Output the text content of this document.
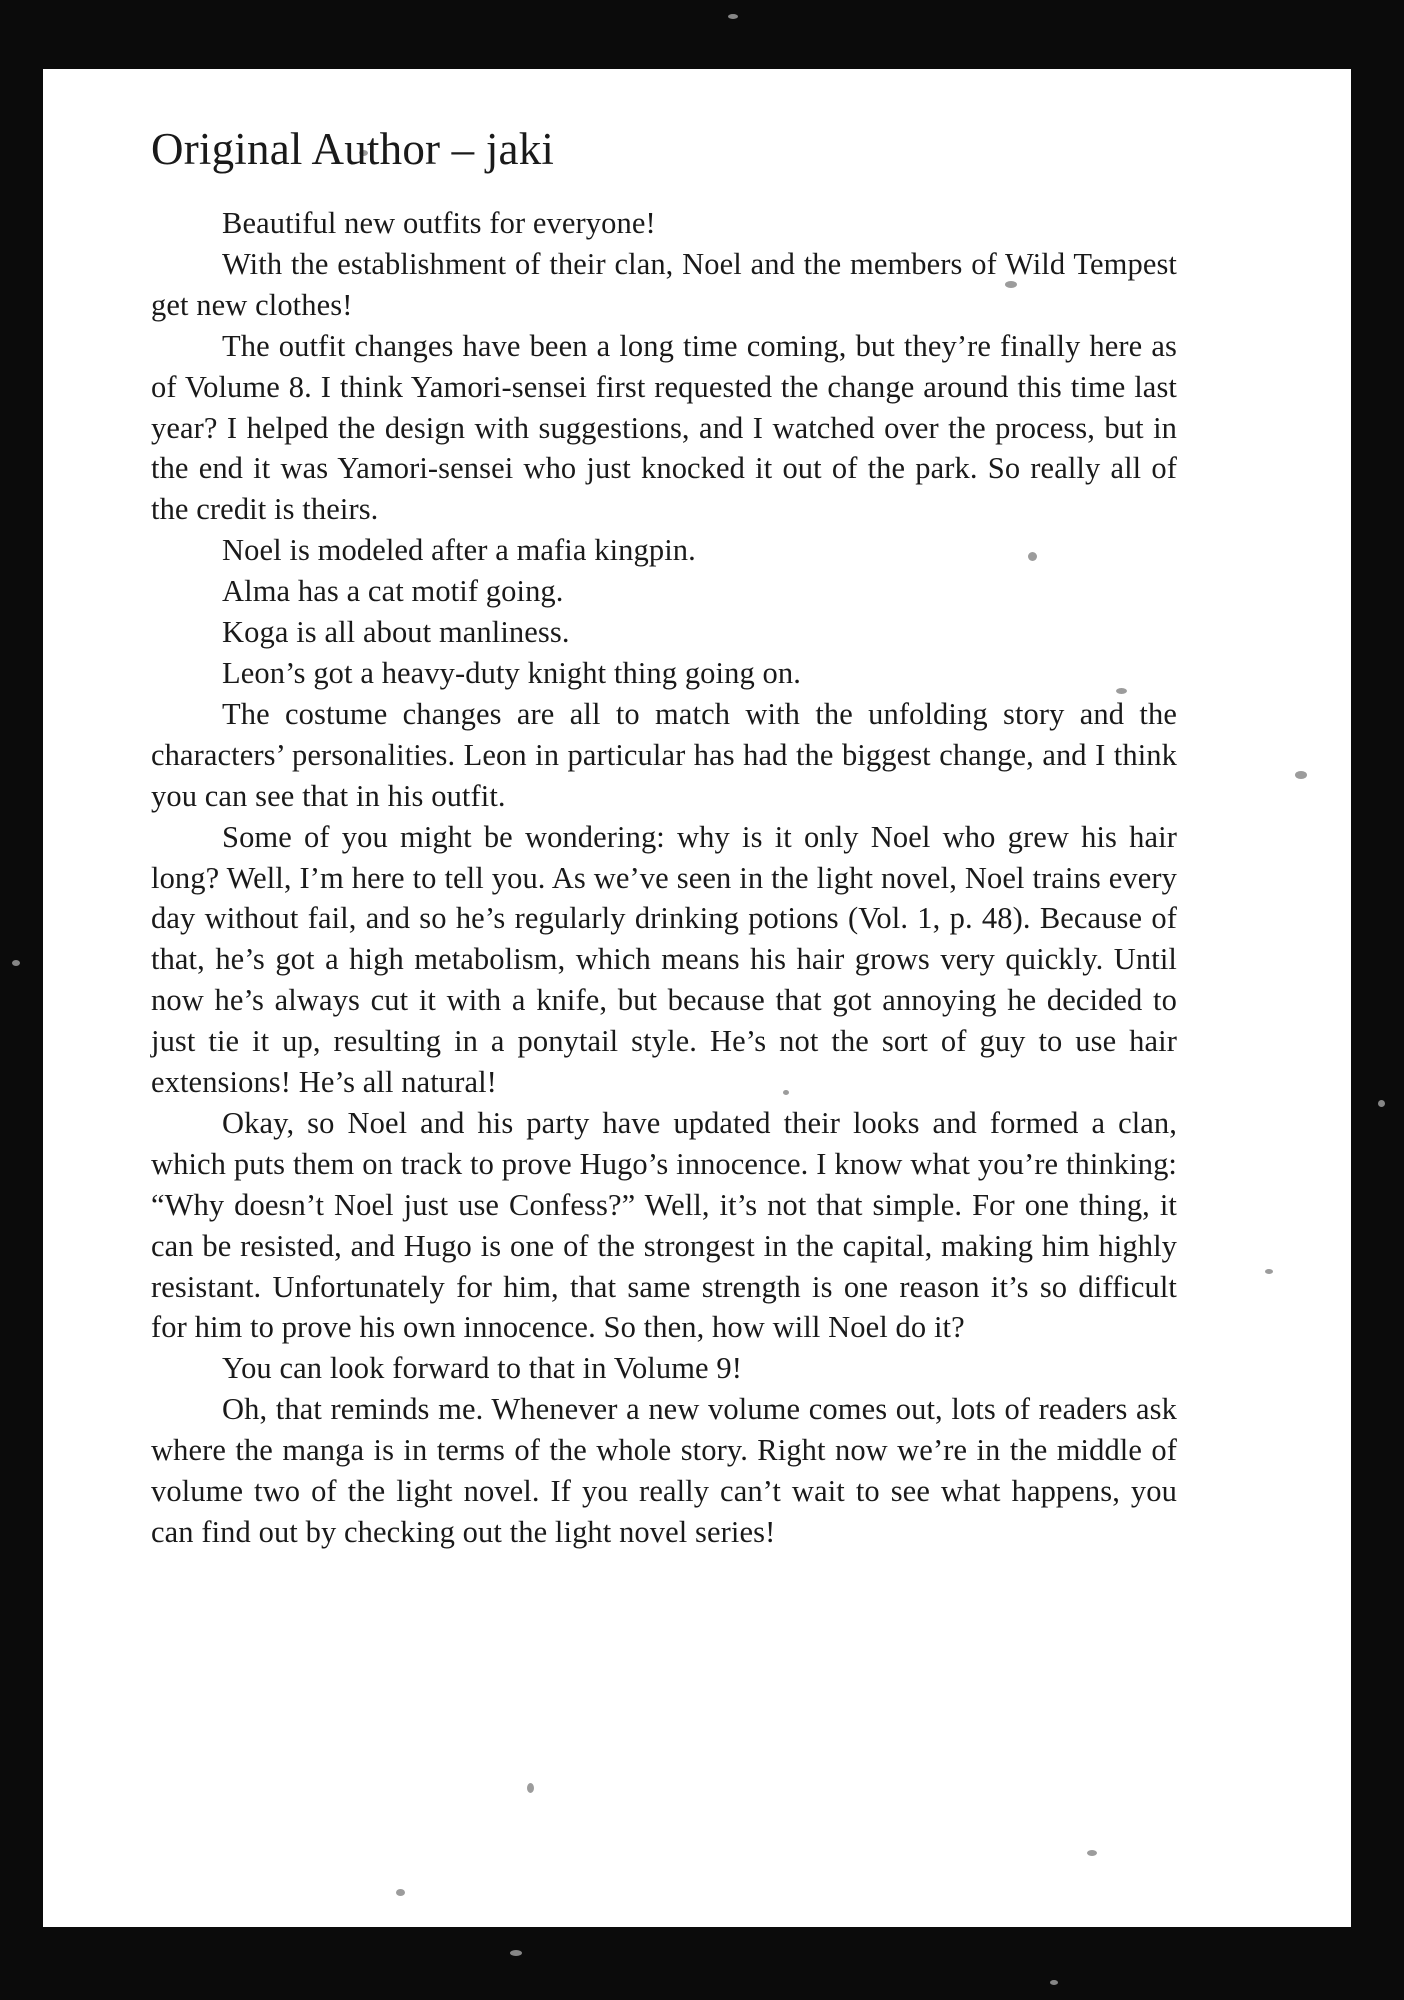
Original Author – jaki

Beautiful new outfits for everyone!

With the establishment of their clan, Noel and the members of Wild Tempest get new clothes!

The outfit changes have been a long time coming, but they’re finally here as of Volume 8. I think Yamori-sensei first requested the change around this time last year? I helped the design with suggestions, and I watched over the process, but in the end it was Yamori-sensei who just knocked it out of the park. So really all of the credit is theirs.

Noel is modeled after a mafia kingpin.

Alma has a cat motif going.

Koga is all about manliness.

Leon’s got a heavy-duty knight thing going on.

The costume changes are all to match with the unfolding story and the characters’ personalities. Leon in particular has had the biggest change, and I think you can see that in his outfit.

Some of you might be wondering: why is it only Noel who grew his hair long? Well, I’m here to tell you. As we’ve seen in the light novel, Noel trains every day without fail, and so he’s regularly drinking potions (Vol. 1, p. 48). Because of that, he’s got a high metabolism, which means his hair grows very quickly. Until now he’s always cut it with a knife, but because that got annoying he decided to just tie it up, resulting in a ponytail style. He’s not the sort of guy to use hair extensions! He’s all natural!

Okay, so Noel and his party have updated their looks and formed a clan, which puts them on track to prove Hugo’s innocence. I know what you’re thinking: “Why doesn’t Noel just use Confess?” Well, it’s not that simple. For one thing, it can be resisted, and Hugo is one of the strongest in the capital, making him highly resistant. Unfortunately for him, that same strength is one reason it’s so difficult for him to prove his own innocence. So then, how will Noel do it?

You can look forward to that in Volume 9!

Oh, that reminds me. Whenever a new volume comes out, lots of readers ask where the manga is in terms of the whole story. Right now we’re in the middle of volume two of the light novel. If you really can’t wait to see what happens, you can find out by checking out the light novel series!
